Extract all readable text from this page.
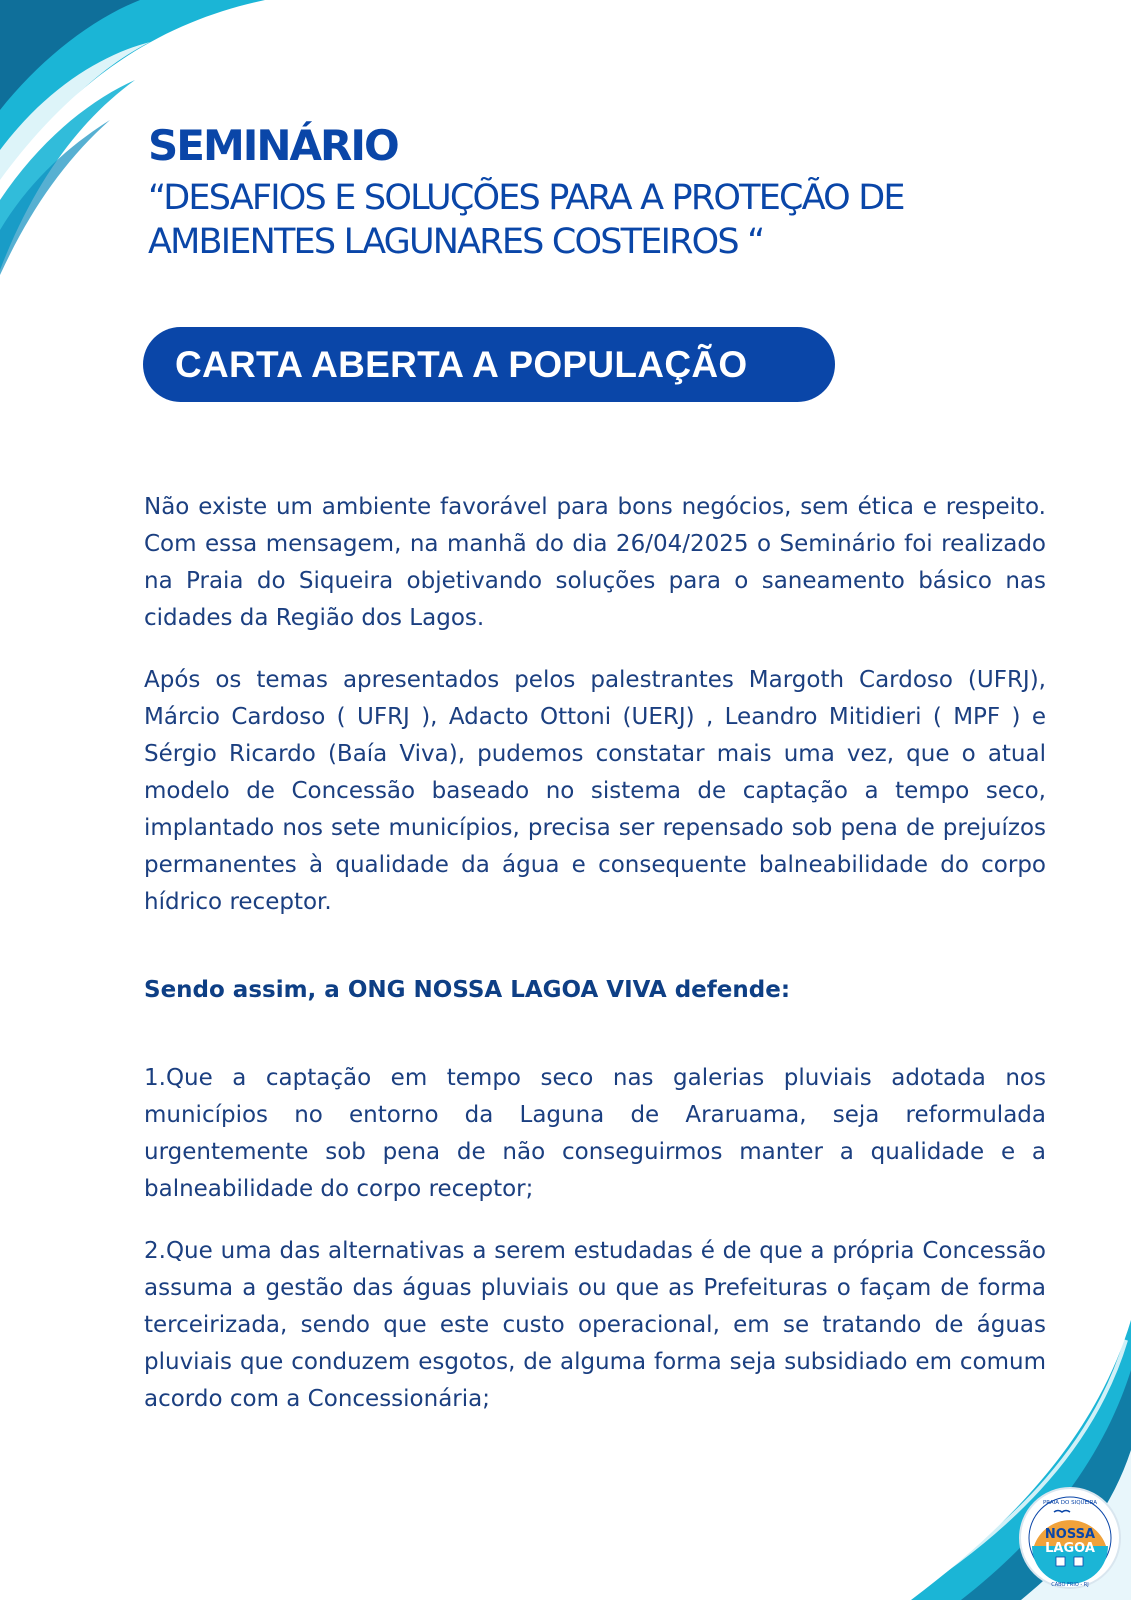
SEMINÁRIO
“DESAFIOS E SOLUÇÕES PARA A PROTEÇÃO DE
AMBIENTES LAGUNARES COSTEIROS “
CARTA ABERTA A POPULAÇÃO

Não existe um ambiente favorável para bons negócios, sem ética e respeito. Com essa mensagem, na manhã do dia 26/04/2025 o Seminário foi realizado na Praia do Siqueira objetivando soluções para o saneamento básico nas cidades da Região dos Lagos.

Após os temas apresentados pelos palestrantes Margoth Cardoso (UFRJ), Márcio Cardoso ( UFRJ ), Adacto Ottoni (UERJ) , Leandro Mitidieri ( MPF ) e Sérgio Ricardo (Baía Viva), pudemos constatar mais uma vez, que o atual modelo de Concessão baseado no sistema de captação a tempo seco, implantado nos sete municípios, precisa ser repensado sob pena de prejuízos permanentes à qualidade da água e consequente balneabilidade do corpo hídrico receptor.

Sendo assim, a ONG NOSSA LAGOA VIVA defende:

1.Que a captação em tempo seco nas galerias pluviais adotada nos municípios no entorno da Laguna de Araruama, seja reformulada urgentemente sob pena de não conseguirmos manter a qualidade e a balneabilidade do corpo receptor;

2.Que uma das alternativas a serem estudadas é de que a própria Concessão assuma a gestão das águas pluviais ou que as Prefeituras o façam de forma terceirizada, sendo que este custo operacional, em se tratando de águas pluviais que conduzem esgotos, de alguma forma seja subsidiado em comum acordo com a Concessionária;

PRAIA DO SIQUEIRA
NOSSA
LAGOA
CABO FRIO - RJ
